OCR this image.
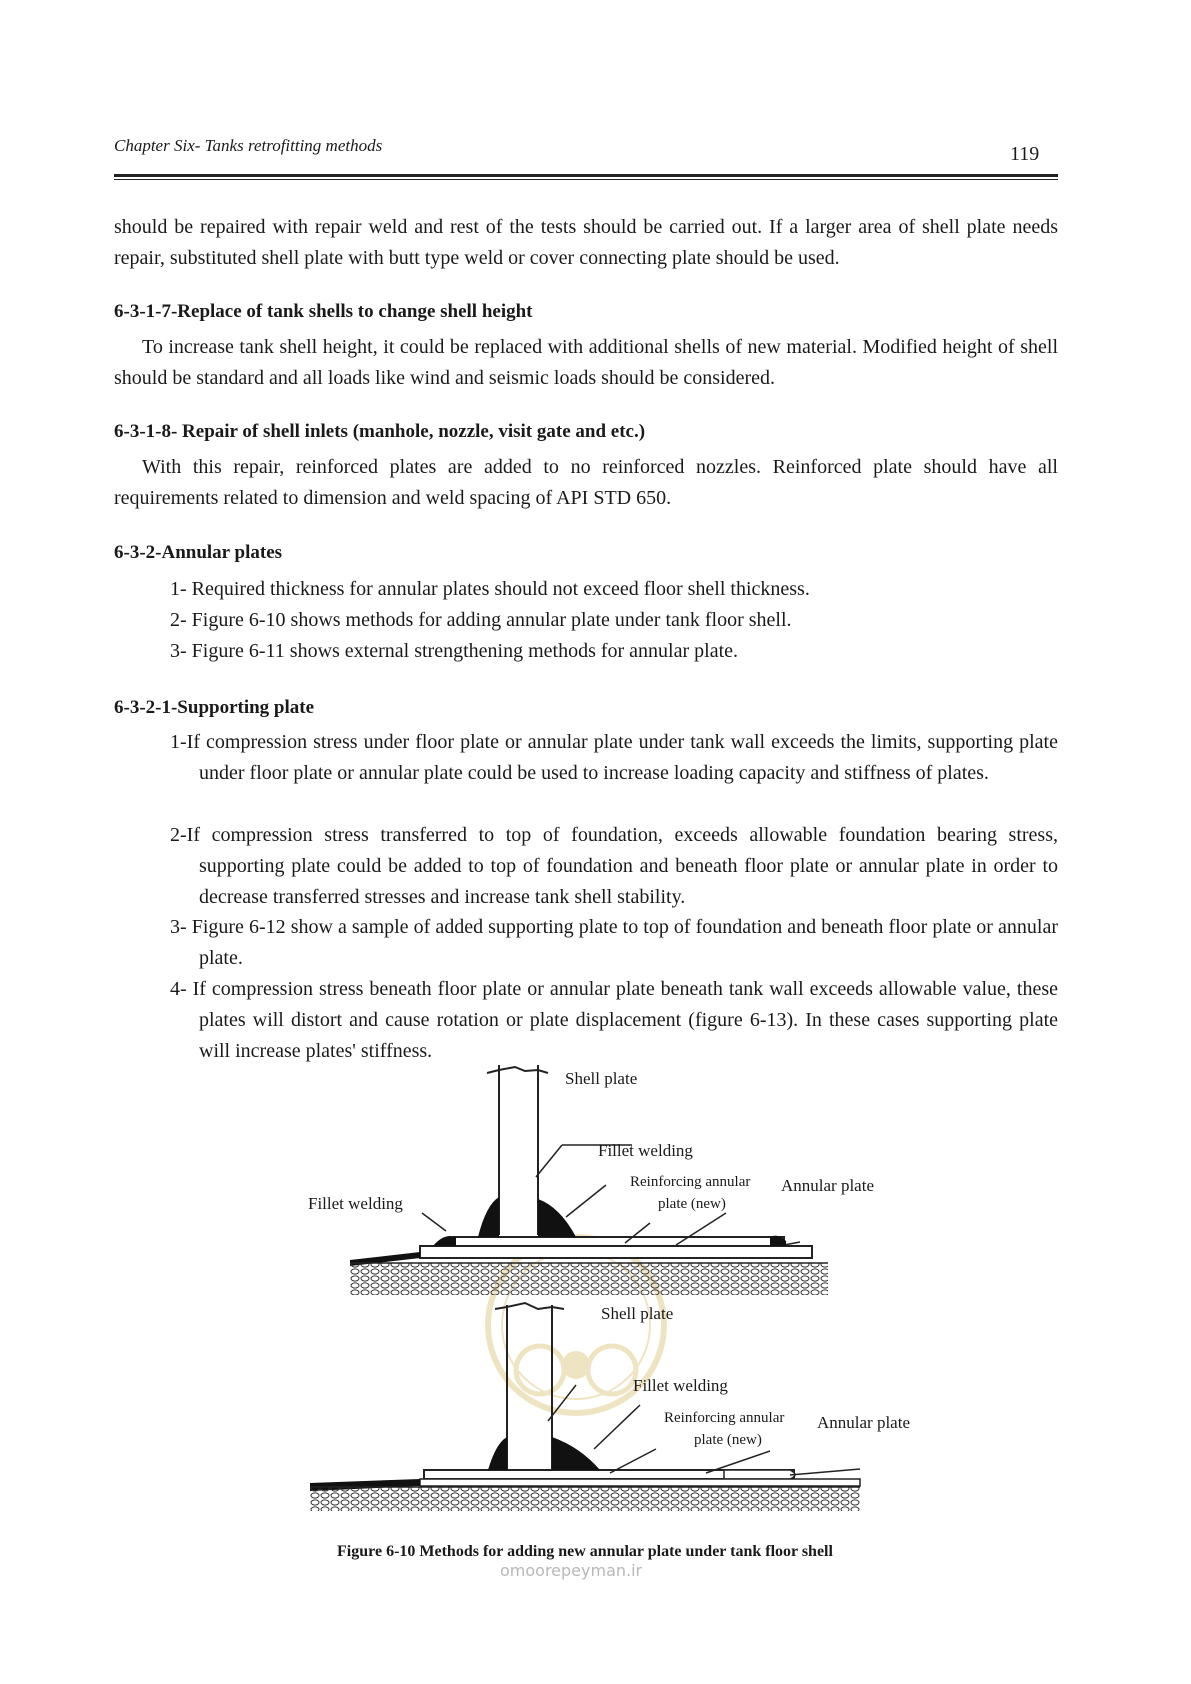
Chapter Six- Tanks retrofitting methods	119
should be repaired with repair weld and rest of the tests should be carried out. If a larger area of shell plate needs repair, substituted shell plate with butt type weld or cover connecting plate should be used.
6-3-1-7-Replace of tank shells to change shell height
To increase tank shell height, it could be replaced with additional shells of new material. Modified height of shell should be standard and all loads like wind and seismic loads should be considered.
6-3-1-8- Repair of shell inlets (manhole, nozzle, visit gate and etc.)
With this repair, reinforced plates are added to no reinforced nozzles. Reinforced plate should have all requirements related to dimension and weld spacing of API STD 650.
6-3-2-Annular plates
1- Required thickness for annular plates should not exceed floor shell thickness.
2- Figure 6-10 shows methods for adding annular plate under tank floor shell.
3- Figure 6-11 shows external strengthening methods for annular plate.
6-3-2-1-Supporting plate
1-If compression stress under floor plate or annular plate under tank wall exceeds the limits, supporting plate under floor plate or annular plate could be used to increase loading capacity and stiffness of plates.
2-If compression stress transferred to top of foundation, exceeds allowable foundation bearing stress, supporting plate could be added to top of foundation and beneath floor plate or annular plate in order to decrease transferred stresses and increase tank shell stability.
3- Figure 6-12 show a sample of added supporting plate to top of foundation and beneath floor plate or annular plate.
4- If compression stress beneath floor plate or annular plate beneath tank wall exceeds allowable value, these plates will distort and cause rotation or plate displacement (figure 6-13). In these cases supporting plate will increase plates' stiffness.
Shell plate
Fillet welding
Fillet welding
Reinforcing annular
plate (new)
Annular plate
Shell plate
Fillet welding
Reinforcing annular
plate (new)
Annular plate
Figure 6-10 Methods for adding new annular plate under tank floor shell
omoorepeyman.ir
